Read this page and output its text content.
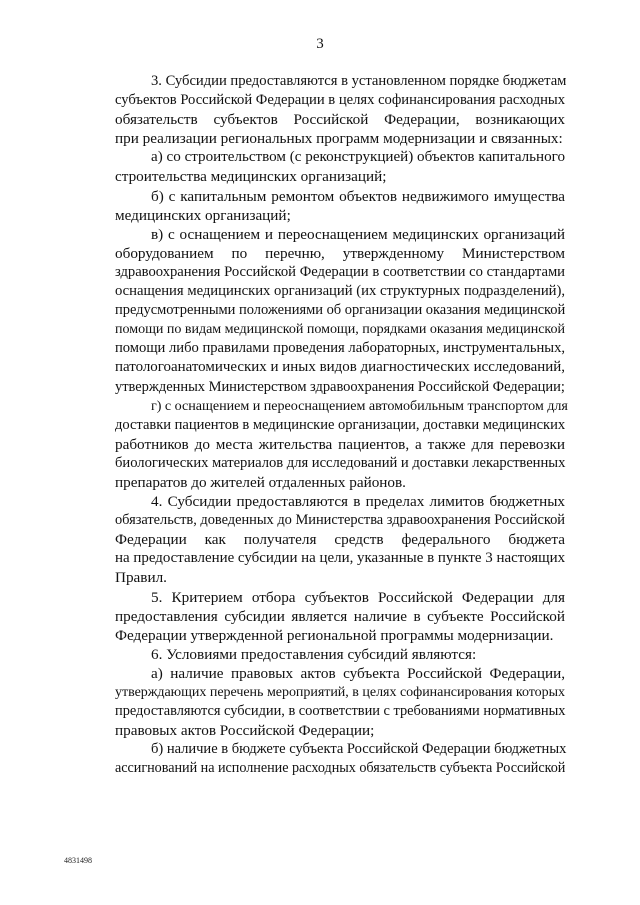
3

3. Субсидии предоставляются в установленном порядке бюджетам
субъектов Российской Федерации в целях софинансирования расходных
обязательств субъектов Российской Федерации, возникающих
при реализации региональных программ модернизации и связанных:

а) со строительством (с реконструкцией) объектов капитального
строительства медицинских организаций;

б) с капитальным ремонтом объектов недвижимого имущества
медицинских организаций;

в) с оснащением и переоснащением медицинских организаций
оборудованием по перечню, утвержденному Министерством
здравоохранения Российской Федерации в соответствии со стандартами
оснащения медицинских организаций (их структурных подразделений),
предусмотренными положениями об организации оказания медицинской
помощи по видам медицинской помощи, порядками оказания медицинской
помощи либо правилами проведения лабораторных, инструментальных,
патологоанатомических и иных видов диагностических исследований,
утвержденных Министерством здравоохранения Российской Федерации;

г) с оснащением и переоснащением автомобильным транспортом для
доставки пациентов в медицинские организации, доставки медицинских
работников до места жительства пациентов, а также для перевозки
биологических материалов для исследований и доставки лекарственных
препаратов до жителей отдаленных районов.

4. Субсидии предоставляются в пределах лимитов бюджетных
обязательств, доведенных до Министерства здравоохранения Российской
Федерации как получателя средств федерального бюджета
на предоставление субсидии на цели, указанные в пункте 3 настоящих
Правил.

5. Критерием отбора субъектов Российской Федерации для
предоставления субсидии является наличие в субъекте Российской
Федерации утвержденной региональной программы модернизации.

6. Условиями предоставления субсидий являются:

а) наличие правовых актов субъекта Российской Федерации,
утверждающих перечень мероприятий, в целях софинансирования которых
предоставляются субсидии, в соответствии с требованиями нормативных
правовых актов Российской Федерации;

б) наличие в бюджете субъекта Российской Федерации бюджетных
ассигнований на исполнение расходных обязательств субъекта Российской

4831498
